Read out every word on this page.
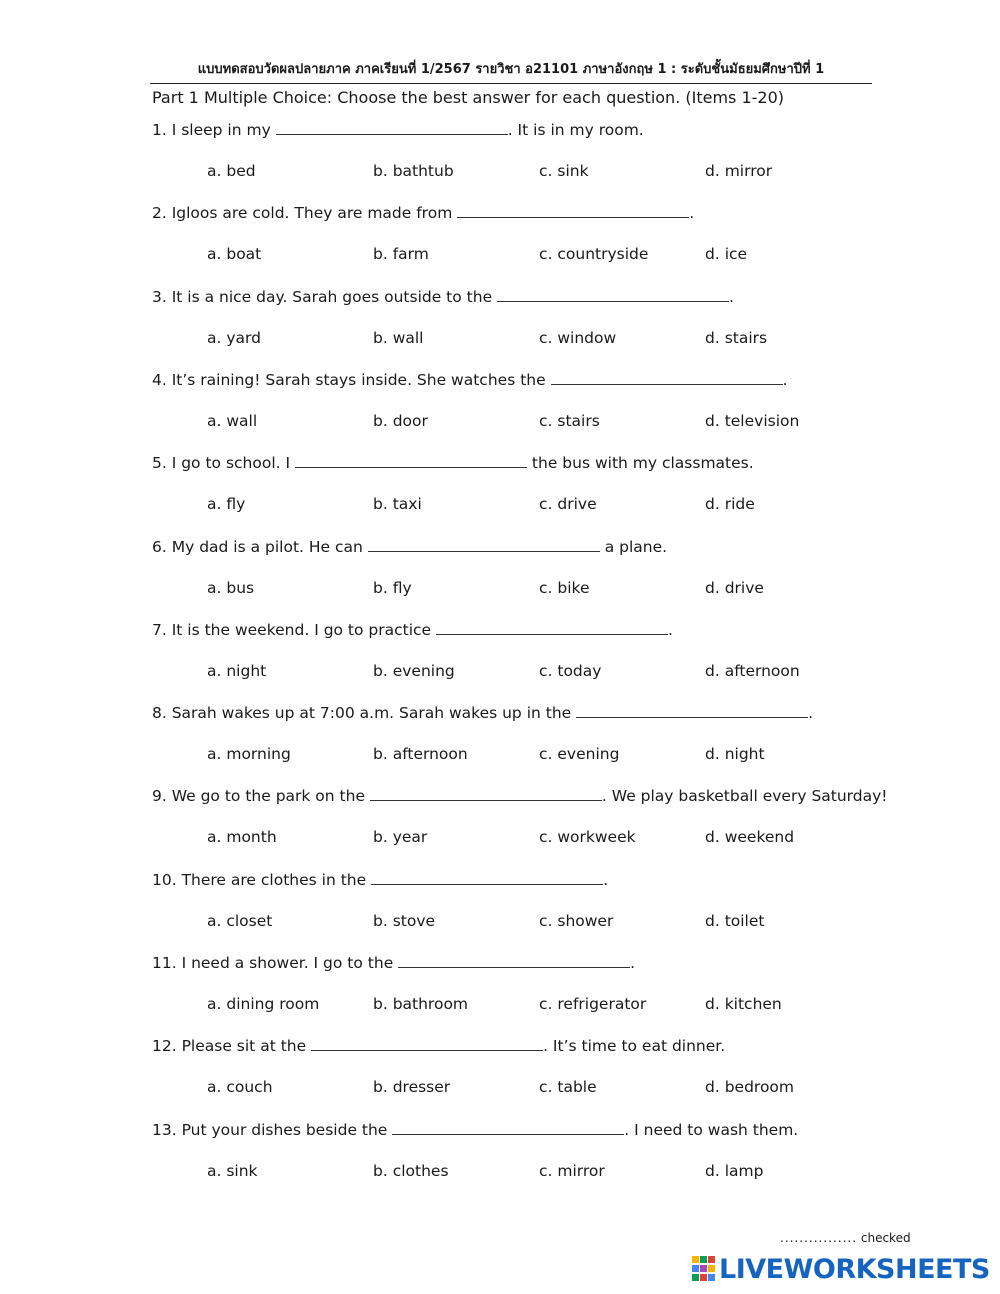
แบบทดสอบวัดผลปลายภาค ภาคเรียนที่ 1/2567 รายวิชา อ21101 ภาษาอังกฤษ 1 : ระดับชั้นมัธยมศึกษาปีที่ 1
Part 1 Multiple Choice: Choose the best answer for each question. (Items 1-20)
1. I sleep in my	. It is in my room.
a. bed	b. bathtub	c. sink	d. mirror
2. Igloos are cold. They are made from	.
a. boat	b. farm	c. countryside	d. ice
3. It is a nice day. Sarah goes outside to the	.
a. yard	b. wall	c. window	d. stairs
4. It’s raining! Sarah stays inside. She watches the	.
a. wall	b. door	c. stairs	d. television
5. I go to school. I	the bus with my classmates.
a. fly	b. taxi	c. drive	d. ride
6. My dad is a pilot. He can	a plane.
a. bus	b. fly	c. bike	d. drive
7. It is the weekend. I go to practice	.
a. night	b. evening	c. today	d. afternoon
8. Sarah wakes up at 7:00 a.m. Sarah wakes up in the	.
a. morning	b. afternoon	c. evening	d. night
9. We go to the park on the	. We play basketball every Saturday!
a. month	b. year	c. workweek	d. weekend
10. There are clothes in the	.
a. closet	b. stove	c. shower	d. toilet
11. I need a shower. I go to the	.
a. dining room	b. bathroom	c. refrigerator	d. kitchen
12. Please sit at the	. It’s time to eat dinner.
a. couch	b. dresser	c. table	d. bedroom
13. Put your dishes beside the	. I need to wash them.
a. sink	b. clothes	c. mirror	d. lamp
................ checked
LIVEWORKSHEETS
